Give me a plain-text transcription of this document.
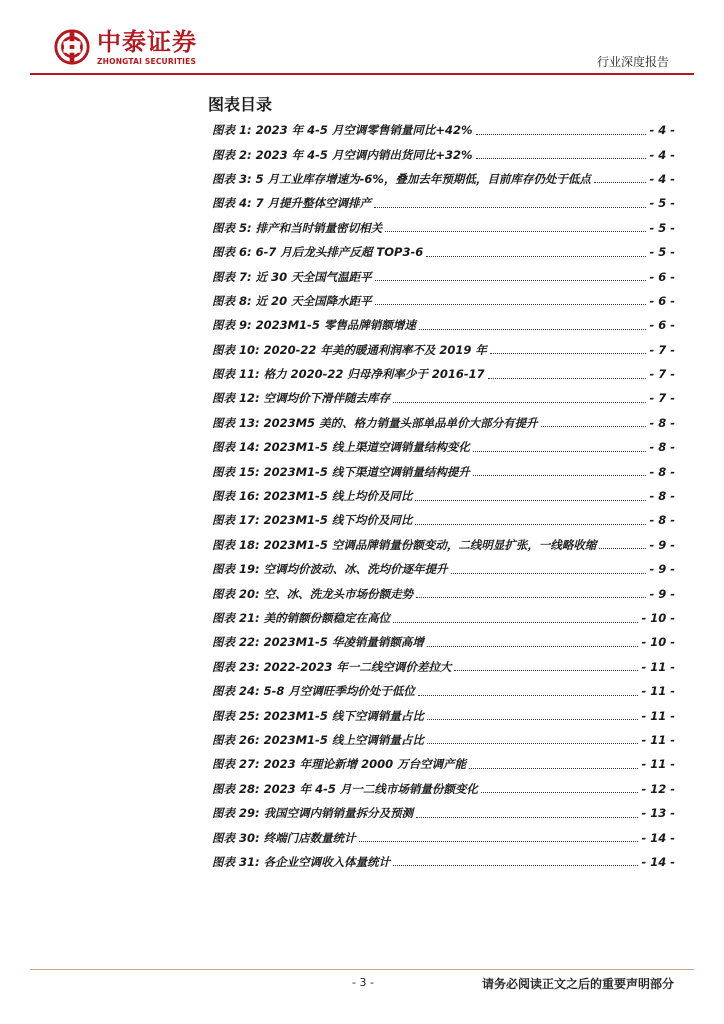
中泰证券
ZHONGTAI SECURITIES	行业深度报告
图表目录
图表 1: 2023 年 4-5 月空调零售销量同比+42%	- 4 -
图表 2: 2023 年 4-5 月空调内销出货同比+32%	- 4 -
图表 3: 5 月工业库存增速为-6%，叠加去年预期低，目前库存仍处于低点	- 4 -
图表 4: 7 月提升整体空调排产	- 5 -
图表 5: 排产和当时销量密切相关	- 5 -
图表 6: 6-7 月后龙头排产反超 TOP3-6	- 5 -
图表 7: 近 30 天全国气温距平	- 6 -
图表 8: 近 20 天全国降水距平	- 6 -
图表 9: 2023M1-5 零售品牌销额增速	- 6 -
图表 10: 2020-22 年美的暖通利润率不及 2019 年	- 7 -
图表 11: 格力 2020-22 归母净利率少于 2016-17	- 7 -
图表 12: 空调均价下滑伴随去库存	- 7 -
图表 13: 2023M5 美的、格力销量头部单品单价大部分有提升	- 8 -
图表 14: 2023M1-5 线上渠道空调销量结构变化	- 8 -
图表 15: 2023M1-5 线下渠道空调销量结构提升	- 8 -
图表 16: 2023M1-5 线上均价及同比	- 8 -
图表 17: 2023M1-5 线下均价及同比	- 8 -
图表 18: 2023M1-5 空调品牌销量份额变动，二线明显扩张，一线略收缩	- 9 -
图表 19: 空调均价波动、冰、洗均价逐年提升	- 9 -
图表 20: 空、冰、洗龙头市场份额走势	- 9 -
图表 21: 美的销额份额稳定在高位	- 10 -
图表 22: 2023M1-5 华凌销量销额高增	- 10 -
图表 23: 2022-2023 年一二线空调价差拉大	- 11 -
图表 24: 5-8 月空调旺季均价处于低位	- 11 -
图表 25: 2023M1-5 线下空调销量占比	- 11 -
图表 26: 2023M1-5 线上空调销量占比	- 11 -
图表 27: 2023 年理论新增 2000 万台空调产能	- 11 -
图表 28: 2023 年 4-5 月一二线市场销量份额变化	- 12 -
图表 29: 我国空调内销销量拆分及预测	- 13 -
图表 30: 终端门店数量统计	- 14 -
图表 31: 各企业空调收入体量统计	- 14 -
- 3 -	请务必阅读正文之后的重要声明部分
